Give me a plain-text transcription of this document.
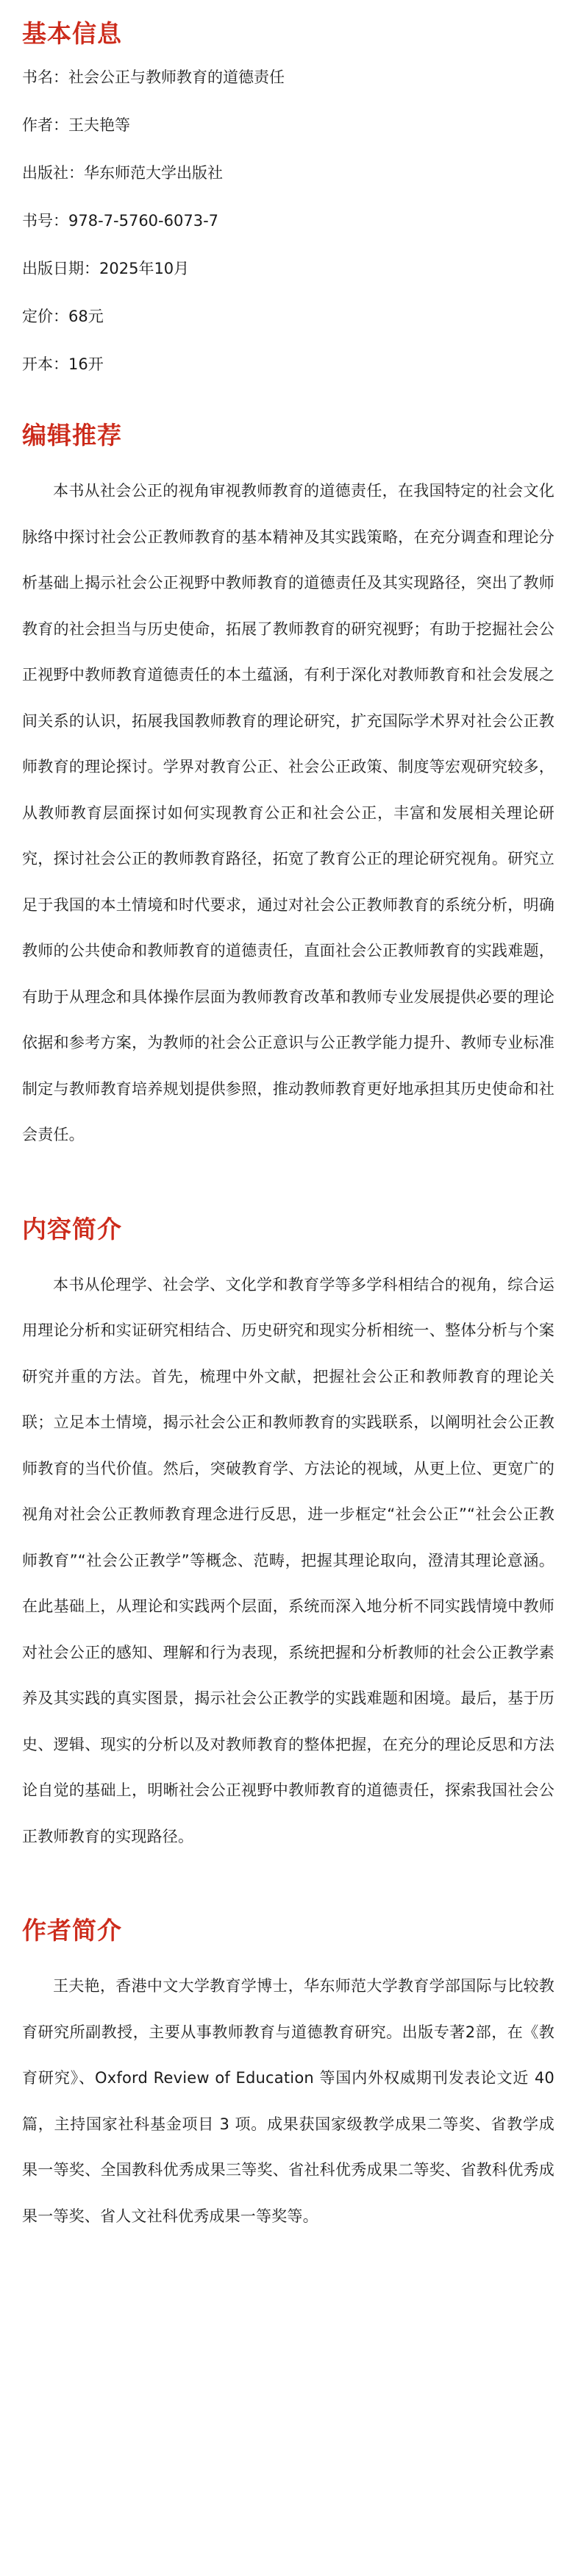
基本信息
书名： 社会公正与教师教育的道德责任
作者： 王夫艳等
出版社： 华东师范大学出版社
书号： 978-7-5760-6073-7
出版日期： 2025年10月
定价： 68元
开本： 16开
编辑推荐

本书从社会公正的视角审视教师教育的道德责任，在我国特定的社会文化脉络中探讨社会公正教师教育的基本精神及其实践策略，在充分调查和理论分析基础上揭示社会公正视野中教师教育的道德责任及其实现路径，突出了教师教育的社会担当与历史使命，拓展了教师教育的研究视野；有助于挖掘社会公正视野中教师教育道德责任的本土蕴涵，有利于深化对教师教育和社会发展之间关系的认识，拓展我国教师教育的理论研究，扩充国际学术界对社会公正教师教育的理论探讨。学界对教育公正、社会公正政策、制度等宏观研究较多，从教师教育层面探讨如何实现教育公正和社会公正，丰富和发展相关理论研究，探讨社会公正的教师教育路径，拓宽了教育公正的理论研究视角。研究立足于我国的本土情境和时代要求，通过对社会公正教师教育的系统分析，明确教师的公共使命和教师教育的道德责任，直面社会公正教师教育的实践难题，有助于从理念和具体操作层面为教师教育改革和教师专业发展提供必要的理论依据和参考方案，为教师的社会公正意识与公正教学能力提升、教师专业标准制定与教师教育培养规划提供参照，推动教师教育更好地承担其历史使命和社会责任。

内容简介

本书从伦理学、社会学、文化学和教育学等多学科相结合的视角，综合运用理论分析和实证研究相结合、历史研究和现实分析相统一、整体分析与个案研究并重的方法。首先，梳理中外文献，把握社会公正和教师教育的理论关联；立足本土情境，揭示社会公正和教师教育的实践联系，以阐明社会公正教师教育的当代价值。然后，突破教育学、方法论的视域，从更上位、更宽广的视角对社会公正教师教育理念进行反思，进一步框定“社会公正”“社会公正教师教育”“社会公正教学”等概念、范畴，把握其理论取向，澄清其理论意涵。在此基础上，从理论和实践两个层面，系统而深入地分析不同实践情境中教师对社会公正的感知、理解和行为表现，系统把握和分析教师的社会公正教学素养及其实践的真实图景，揭示社会公正教学的实践难题和困境。最后，基于历史、逻辑、现实的分析以及对教师教育的整体把握，在充分的理论反思和方法论自觉的基础上，明晰社会公正视野中教师教育的道德责任，探索我国社会公正教师教育的实现路径。

作者简介

王夫艳，香港中文大学教育学博士，华东师范大学教育学部国际与比较教育研究所副教授，主要从事教师教育与道德教育研究。出版专著2部，在《教育研究》、Oxford Review of Education 等国内外权威期刊发表论文近 40 篇，主持国家社科基金项目 3 项。成果获国家级教学成果二等奖、省教学成果一等奖、全国教科优秀成果三等奖、省社科优秀成果二等奖、省教科优秀成果一等奖、省人文社科优秀成果一等奖等。
